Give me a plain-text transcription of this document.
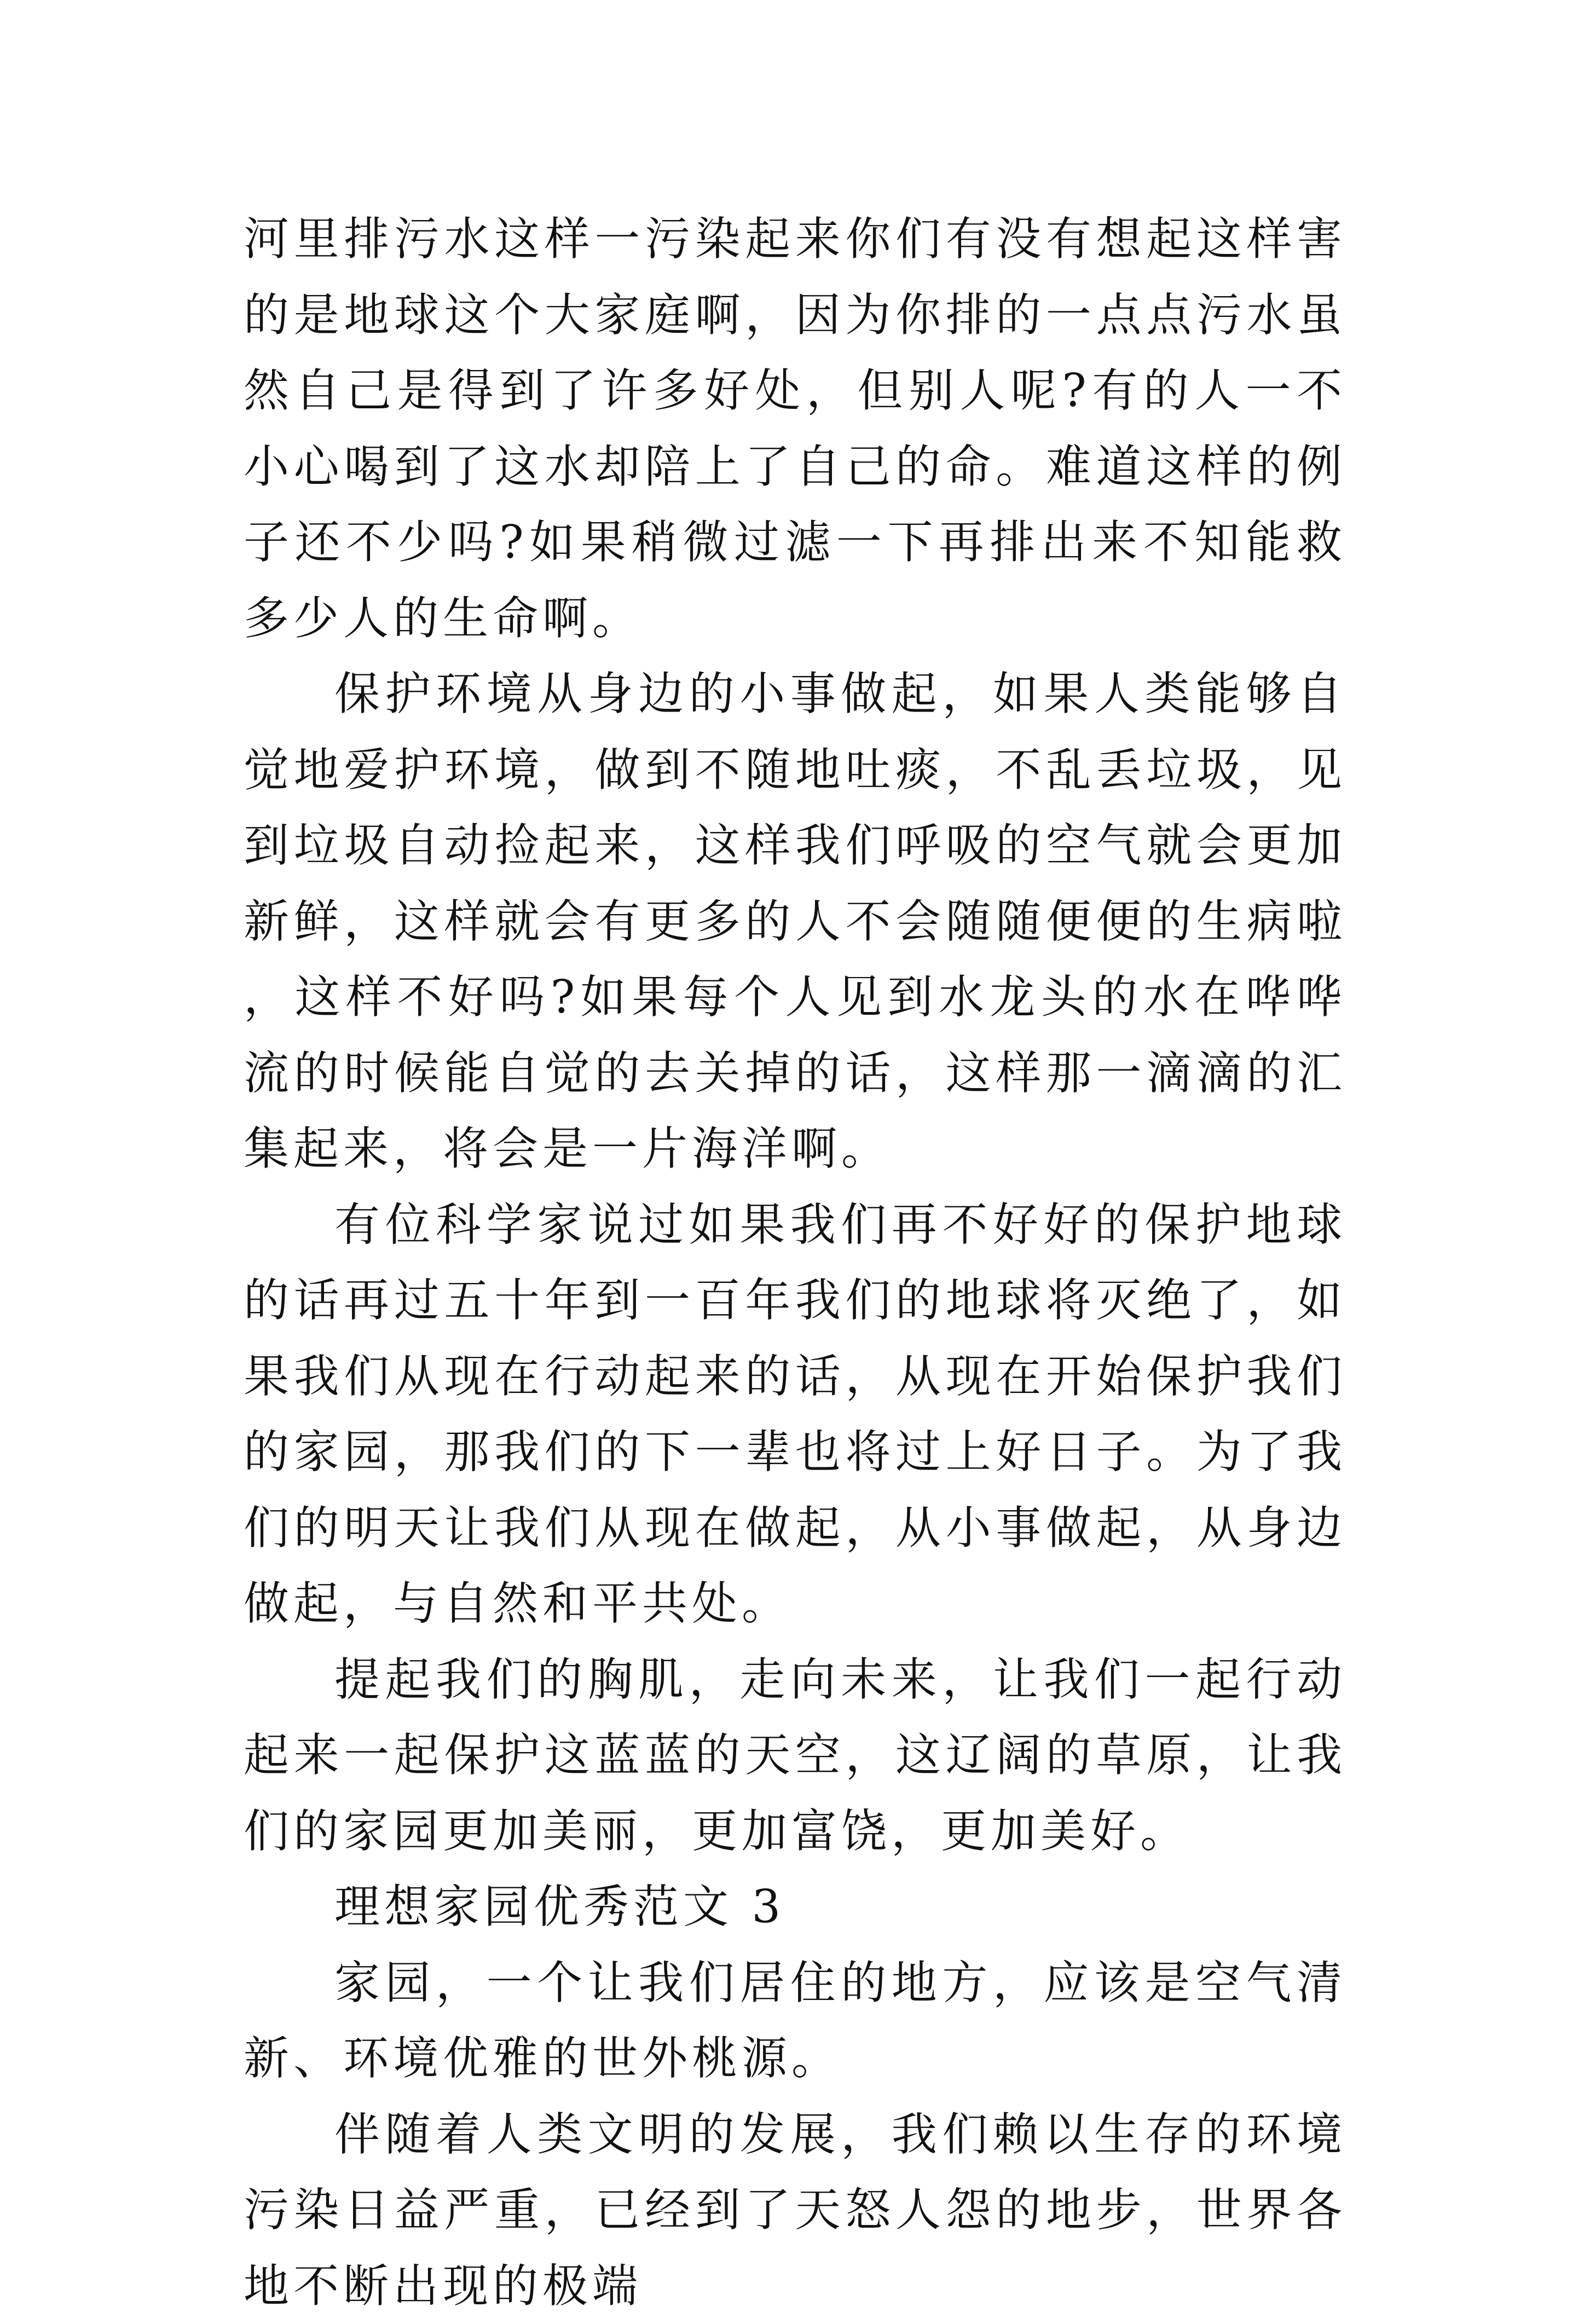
河里排污水这样一污染起来你们有没有想起这样害的是地球这个大家庭啊，因为你排的一点点污水虽然自己是得到了许多好处，但别人呢?有的人一不小心喝到了这水却陪上了自己的命。难道这样的例子还不少吗?如果稍微过滤一下再排出来不知能救多少人的生命啊。

保护环境从身边的小事做起，如果人类能够自觉地爱护环境，做到不随地吐痰，不乱丢垃圾，见到垃圾自动捡起来，这样我们呼吸的空气就会更加新鲜，这样就会有更多的人不会随随便便的生病啦，这样不好吗?如果每个人见到水龙头的水在哗哗流的时候能自觉的去关掉的话，这样那一滴滴的汇集起来，将会是一片海洋啊。

有位科学家说过如果我们再不好好的保护地球的话再过五十年到一百年我们的地球将灭绝了，如果我们从现在行动起来的话，从现在开始保护我们的家园，那我们的下一辈也将过上好日子。为了我们的明天让我们从现在做起，从小事做起，从身边做起，与自然和平共处。

提起我们的胸肌，走向未来，让我们一起行动起来一起保护这蓝蓝的天空，这辽阔的草原，让我们的家园更加美丽，更加富饶，更加美好。

理想家园优秀范文 3

家园，一个让我们居住的地方，应该是空气清新、环境优雅的世外桃源。

伴随着人类文明的发展，我们赖以生存的环境污染日益严重，已经到了天怒人怨的地步，世界各地不断出现的极端
